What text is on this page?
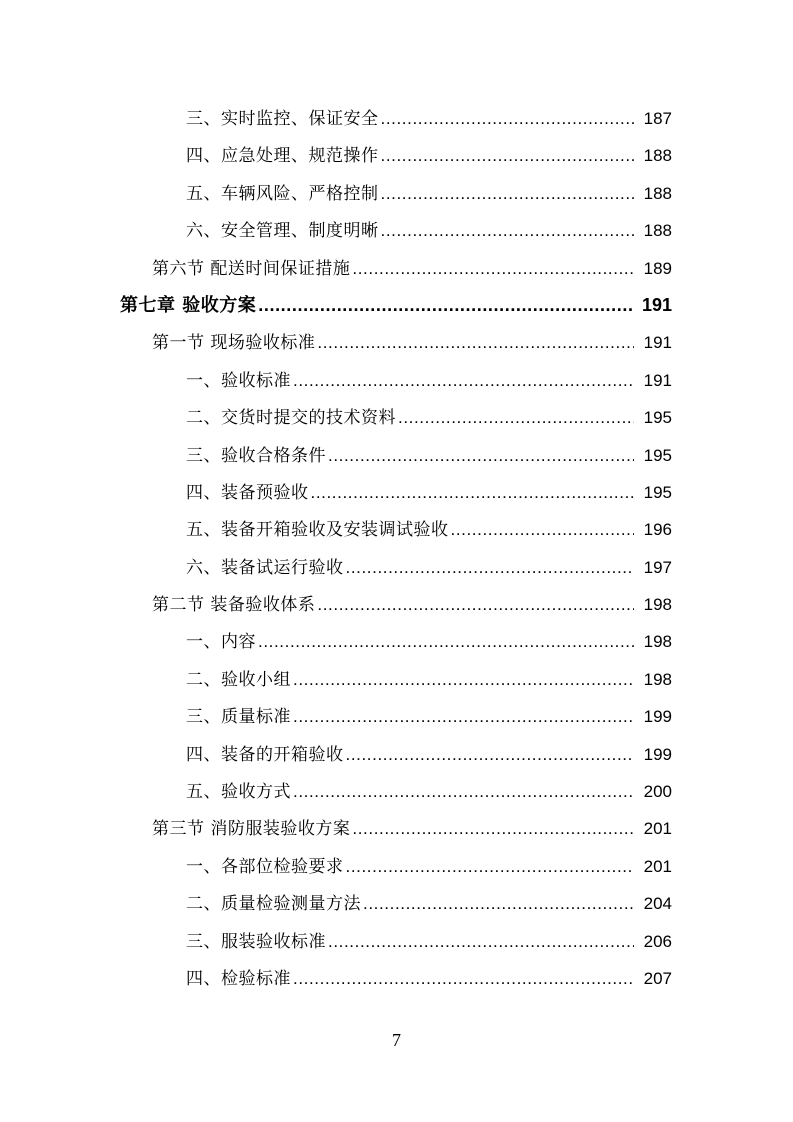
三、实时监控、保证安全 .....	187
四、应急处理、规范操作 .....	188
五、车辆风险、严格控制 .....	188
六、安全管理、制度明晰 .....	188
第六节 配送时间保证措施 .....	189
第七章 验收方案 .....	191
第一节 现场验收标准 .....	191
一、验收标准 .....	191
二、交货时提交的技术资料 .....	195
三、验收合格条件 .....	195
四、装备预验收 .....	195
五、装备开箱验收及安装调试验收 .....	196
六、装备试运行验收 .....	197
第二节 装备验收体系 .....	198
一、内容 .....	198
二、验收小组 .....	198
三、质量标准 .....	199
四、装备的开箱验收 .....	199
五、验收方式 .....	200
第三节 消防服装验收方案 .....	201
一、各部位检验要求 .....	201
二、质量检验测量方法 .....	204
三、服装验收标准 .....	206
四、检验标准 .....	207
7
